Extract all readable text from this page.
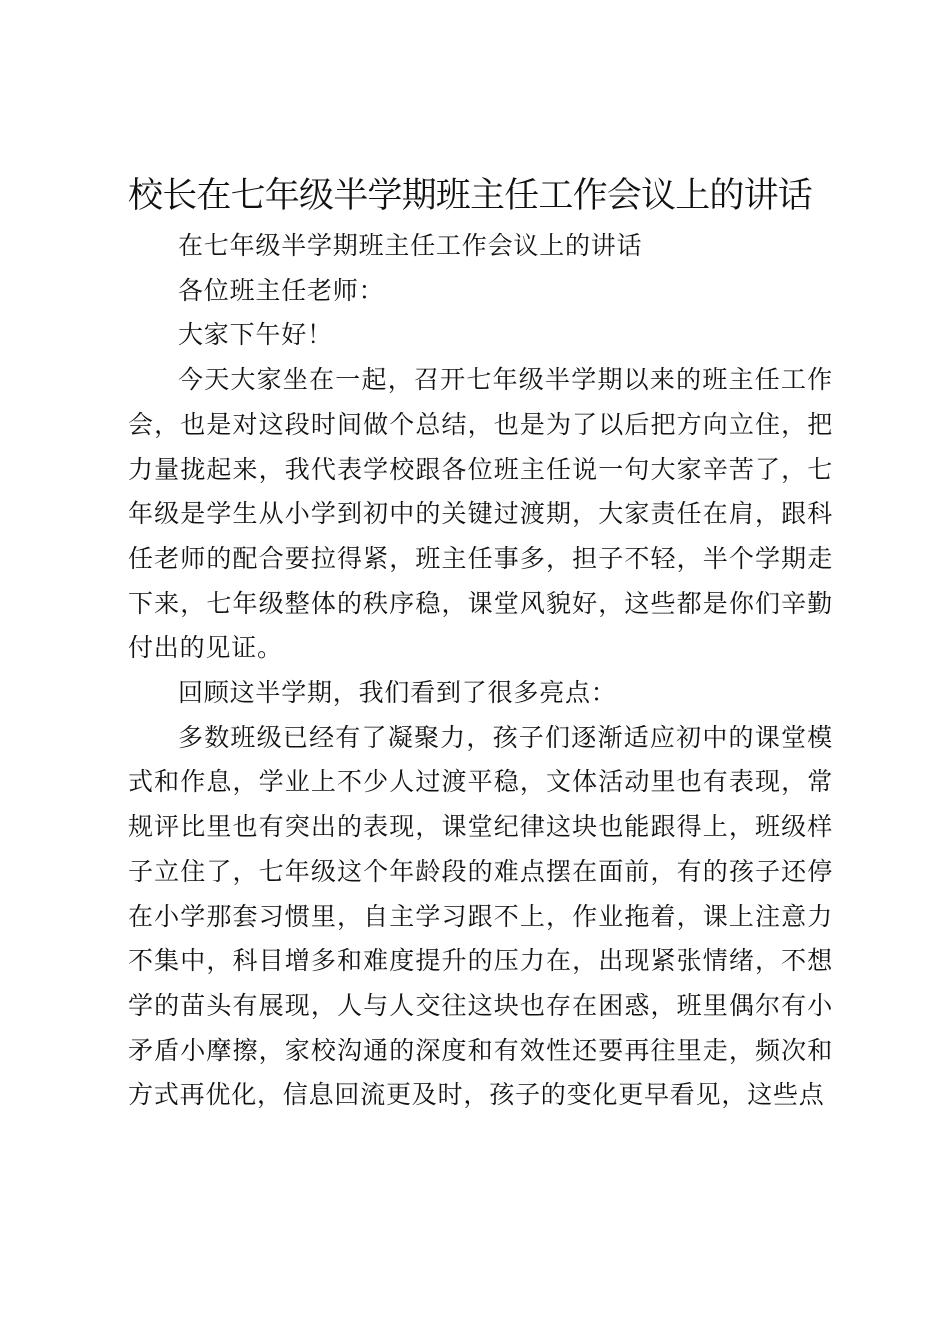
校长在七年级半学期班主任工作会议上的讲话

在七年级半学期班主任工作会议上的讲话

各位班主任老师：

大家下午好！

今天大家坐在一起，召开七年级半学期以来的班主任工作会，也是对这段时间做个总结，也是为了以后把方向立住，把力量拢起来，我代表学校跟各位班主任说一句大家辛苦了，七年级是学生从小学到初中的关键过渡期，大家责任在肩，跟科任老师的配合要拉得紧，班主任事多，担子不轻，半个学期走下来，七年级整体的秩序稳，课堂风貌好，这些都是你们辛勤付出的见证。

回顾这半学期，我们看到了很多亮点：

多数班级已经有了凝聚力，孩子们逐渐适应初中的课堂模式和作息，学业上不少人过渡平稳，文体活动里也有表现，常规评比里也有突出的表现，课堂纪律这块也能跟得上，班级样子立住了，七年级这个年龄段的难点摆在面前，有的孩子还停在小学那套习惯里，自主学习跟不上，作业拖着，课上注意力不集中，科目增多和难度提升的压力在，出现紧张情绪，不想学的苗头有展现，人与人交往这块也存在困惑，班里偶尔有小矛盾小摩擦，家校沟通的深度和有效性还要再往里走，频次和方式再优化，信息回流更及时，孩子的变化更早看见，这些点
